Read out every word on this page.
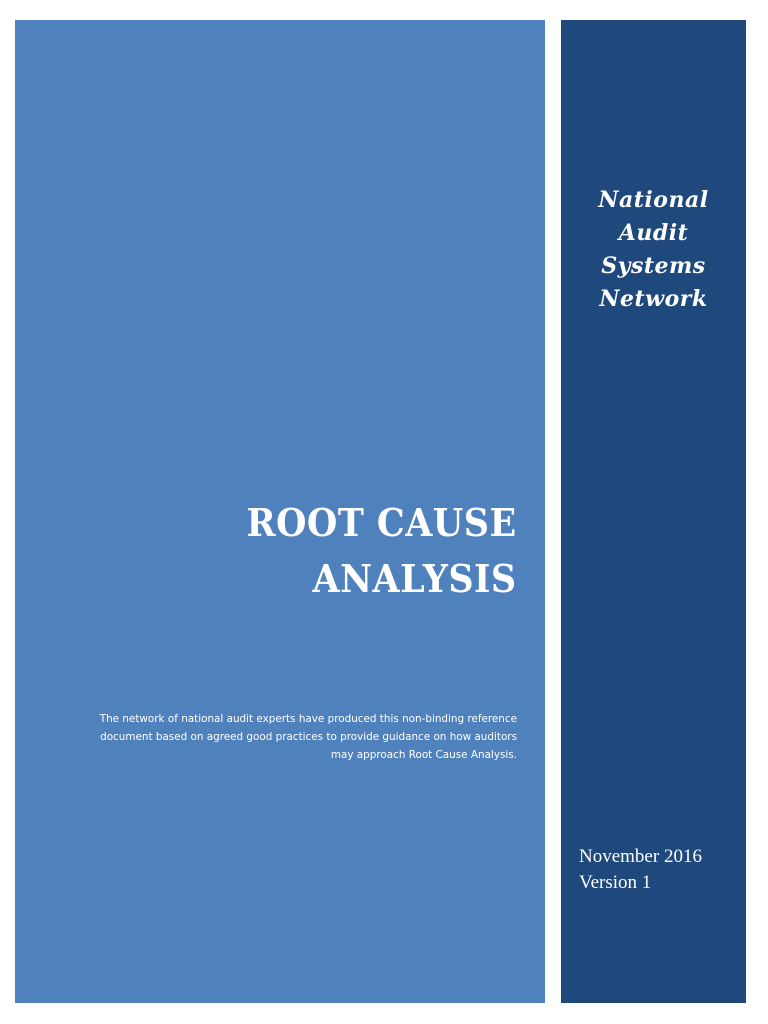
ROOT CAUSE
ANALYSIS
The network of national audit experts have produced this non-binding reference document based on agreed good practices to provide guidance on how auditors may approach Root Cause Analysis.
National
Audit
Systems
Network
November 2016
Version 1
